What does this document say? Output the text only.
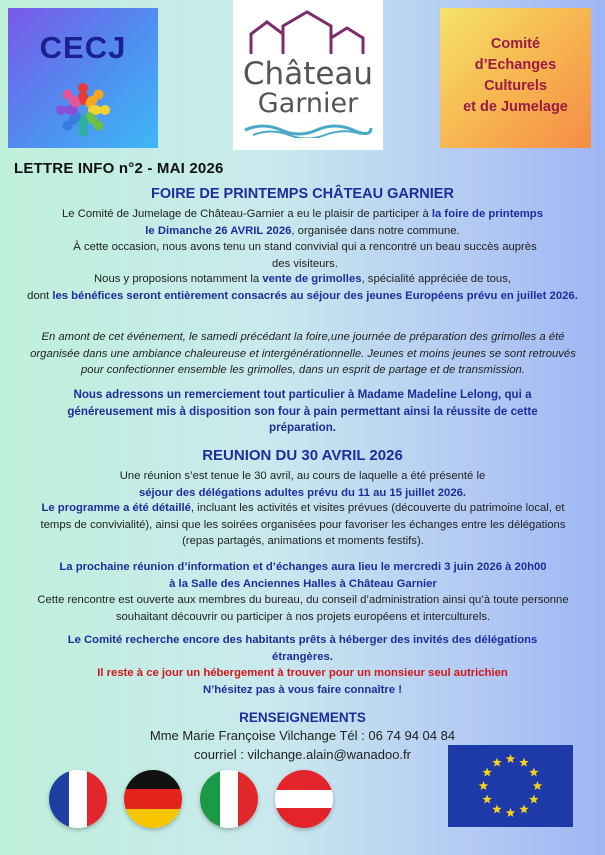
CECJ
Château
Garnier
Comité
d’Echanges
Culturels
et de Jumelage
LETTRE INFO n°2 - MAI 2026
FOIRE DE PRINTEMPS CHÂTEAU GARNIER
Le Comité de Jumelage de Château-Garnier a eu le plaisir de participer à la foire de printemps
le Dimanche 26 AVRIL 2026, organisée dans notre commune.
À cette occasion, nous avons tenu un stand convivial qui a rencontré un beau succès auprès des visiteurs.
Nous y proposions notamment la vente de grimolles, spécialité appréciée de tous,
dont les bénéfices seront entièrement consacrés au séjour des jeunes Européens prévu en juillet 2026.
En amont de cet événement, le samedi précédant la foire,une journée de préparation des grimolles a été organisée dans une ambiance chaleureuse et intergénérationnelle. Jeunes et moins jeunes se sont retrouvés pour confectionner ensemble les grimolles, dans un esprit de partage et de transmission.
Nous adressons un remerciement tout particulier à Madame Madeline Lelong, qui a généreusement mis à disposition son four à pain permettant ainsi la réussite de cette préparation.
REUNION DU 30 AVRIL 2026
Une réunion s’est tenue le 30 avril, au cours de laquelle a été présenté le
séjour des délégations adultes prévu du 11 au 15 juillet 2026.
Le programme a été détaillé, incluant les activités et visites prévues (découverte du patrimoine local, et temps de convivialité), ainsi que les soirées organisées pour favoriser les échanges entre les délégations (repas partagés, animations et moments festifs).
La prochaine réunion d’information et d’échanges aura lieu le mercredi 3 juin 2026 à 20h00
à la Salle des Anciennes Halles à Château Garnier
Cette rencontre est ouverte aux membres du bureau, du conseil d’administration ainsi qu’à toute personne souhaitant découvrir ou participer à nos projets européens et interculturels.
Le Comité recherche encore des habitants prêts à héberger des invités des délégations étrangères.
Il reste à ce jour un hébergement à trouver pour un monsieur seul autrichien
N’hésitez pas à vous faire connaître !
RENSEIGNEMENTS
Mme Marie Françoise Vilchange Tél : 06 74 94 04 84
courriel : vilchange.alain@wanadoo.fr
